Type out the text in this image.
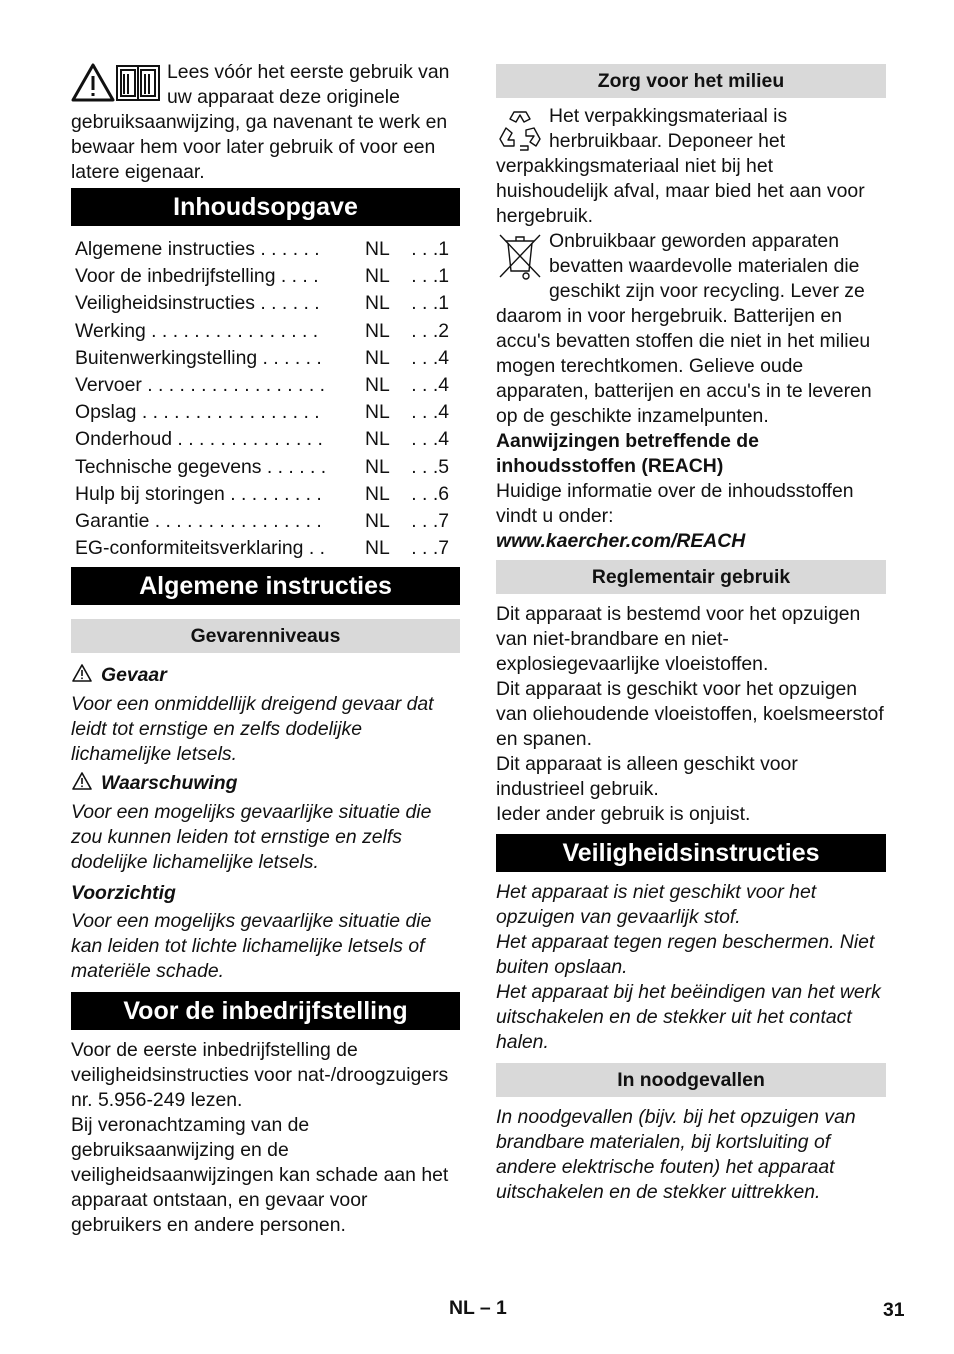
Lees vóór het eerste gebruik van uw apparaat deze originele gebruiksaanwijzing, ga navenant te werk en bewaar hem voor later gebruik of voor een latere eigenaar.

Inhoudsopgave
Algemene instructies . . .	NL	. . . 1
Voor de inbedrijfstelling . . .	NL	. . . 1
Veiligheidsinstructies . . .	NL	. . . 1
Werking . . .	NL	. . . 2
Buitenwerkingstelling . . .	NL	. . . 4
Vervoer . . .	NL	. . . 4
Opslag . . .	NL	. . . 4
Onderhoud . . .	NL	. . . 4
Technische gegevens . . .	NL	. . . 5
Hulp bij storingen . . .	NL	. . . 6
Garantie . . .	NL	. . . 7
EG-conformiteitsverklaring . . .	NL	. . . 7
Algemene instructies
Gevarenniveaus
Gevaar

Voor een onmiddellijk dreigend gevaar dat leidt tot ernstige en zelfs dodelijke lichamelijke letsels.

Waarschuwing

Voor een mogelijks gevaarlijke situatie die zou kunnen leiden tot ernstige en zelfs dodelijke lichamelijke letsels.

Voorzichtig

Voor een mogelijks gevaarlijke situatie die kan leiden tot lichte lichamelijke letsels of materiële schade.

Voor de inbedrijfstelling

Voor de eerste inbedrijfstelling de veiligheidsinstructies voor nat-/droogzuigers nr. 5.956-249 lezen.

Bij veronachtzaming van de gebruiksaanwijzing en de veiligheidsaanwijzingen kan schade aan het apparaat ontstaan, en gevaar voor gebruikers en andere personen.

Zorg voor het milieu

Het verpakkingsmateriaal is herbruikbaar. Deponeer het verpakkingsmateriaal niet bij het huishoudelijk afval, maar bied het aan voor hergebruik.

Onbruikbaar geworden apparaten bevatten waardevolle materialen die geschikt zijn voor recycling. Lever ze daarom in voor hergebruik. Batterijen en accu's bevatten stoffen die niet in het milieu mogen terechtkomen. Gelieve oude apparaten, batterijen en accu's in te leveren op de geschikte inzamelpunten.

Aanwijzingen betreffende de inhoudsstoffen (REACH)

Huidige informatie over de inhoudsstoffen vindt u onder:

www.kaercher.com/REACH

Reglementair gebruik

Dit apparaat is bestemd voor het opzuigen van niet-brandbare en niet-explosiegevaarlijke vloeistoffen.

Dit apparaat is geschikt voor het opzuigen van oliehoudende vloeistoffen, koelsmeerstof en spanen.

Dit apparaat is alleen geschikt voor industrieel gebruik.

Ieder ander gebruik is onjuist.

Veiligheidsinstructies

Het apparaat is niet geschikt voor het opzuigen van gevaarlijk stof.

Het apparaat tegen regen beschermen. Niet buiten opslaan.

Het apparaat bij het beëindigen van het werk uitschakelen en de stekker uit het contact halen.

In noodgevallen

In noodgevallen (bijv. bij het opzuigen van brandbare materialen, bij kortsluiting of andere elektrische fouten) het apparaat uitschakelen en de stekker uittrekken.

NL – 1	31
